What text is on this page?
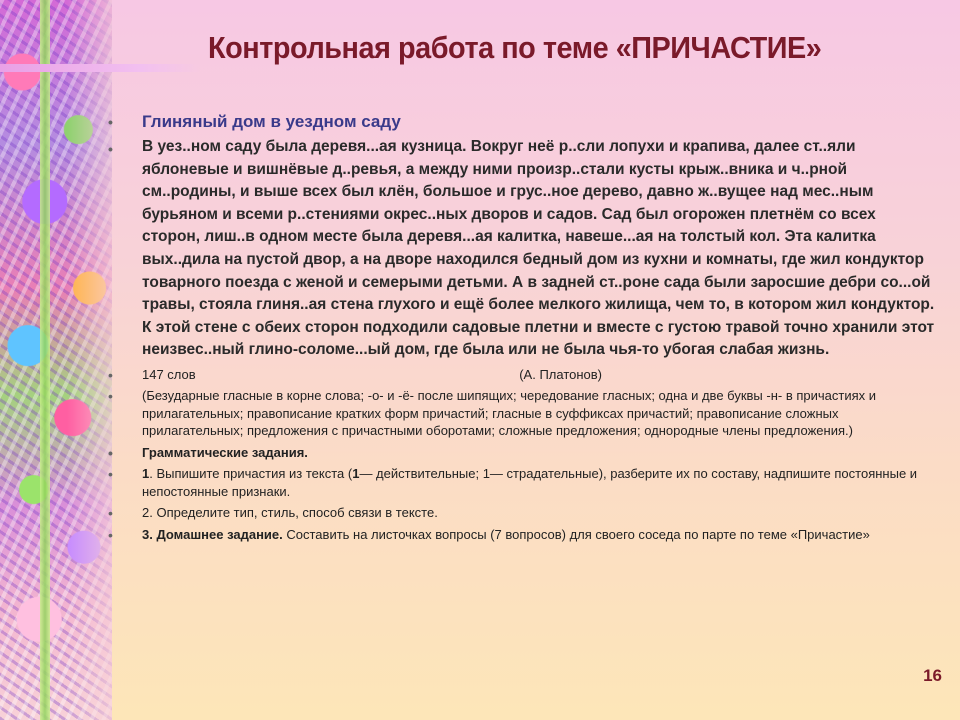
Контрольная работа по теме «ПРИЧАСТИЕ»
• Глиняный дом в уездном саду
• В уез..ном саду была деревя...ая кузница. Вокруг неё р..сли лопухи и крапива, далее ст..яли яблоневые и вишнёвые д..ревья, а между ними произр..стали кусты крыж..вника и ч..рной см..родины, и выше всех был клён, большое и грус..ное дерево, давно ж..вущее над мес..ным бурьяном и всеми р..стениями окрес..ных дворов и садов. Сад был огорожен плетнём со всех сторон, лиш..в одном месте была деревя...ая калитка, навеше...ая на толстый кол. Эта калитка вых..дила на пустой двор, а на дворе находился бедный дом из кухни и комнаты, где жил кондуктор товарного поезда с женой и семерыми детьми. А в задней ст..роне сада были заросшие дебри со...ой травы, стояла глиня..ая стена глухого и ещё более мелкого жилища, чем то, в котором жил кондуктор. К этой стене с обеих сторон подходили садовые плетни и вместе с густою травой точно хранили этот неизвес..ный глино-соломе...ый дом, где была или не была чья-то убогая слабая жизнь.
• 147 слов	(А. Платонов)
• (Безударные гласные в корне слова; -о- и -ё- после шипящих; чередование гласных; одна и две буквы -н- в причастиях и прилагательных; правописание кратких форм причастий; гласные в суффиксах причастий; правописание сложных прилагательных; предложения с причастными оборотами; сложные предложения; однородные члены предложения.)
• Грамматические задания.
• 1. Выпишите причастия из текста (1— действительные; 1— страдательные), разберите их по составу, надпишите постоянные и непостоянные признаки.
• 2. Определите тип, стиль, способ связи в тексте.
• 3. Домашнее задание. Составить на листочках вопросы (7 вопросов) для своего соседа по парте по теме «Причастие»
16
